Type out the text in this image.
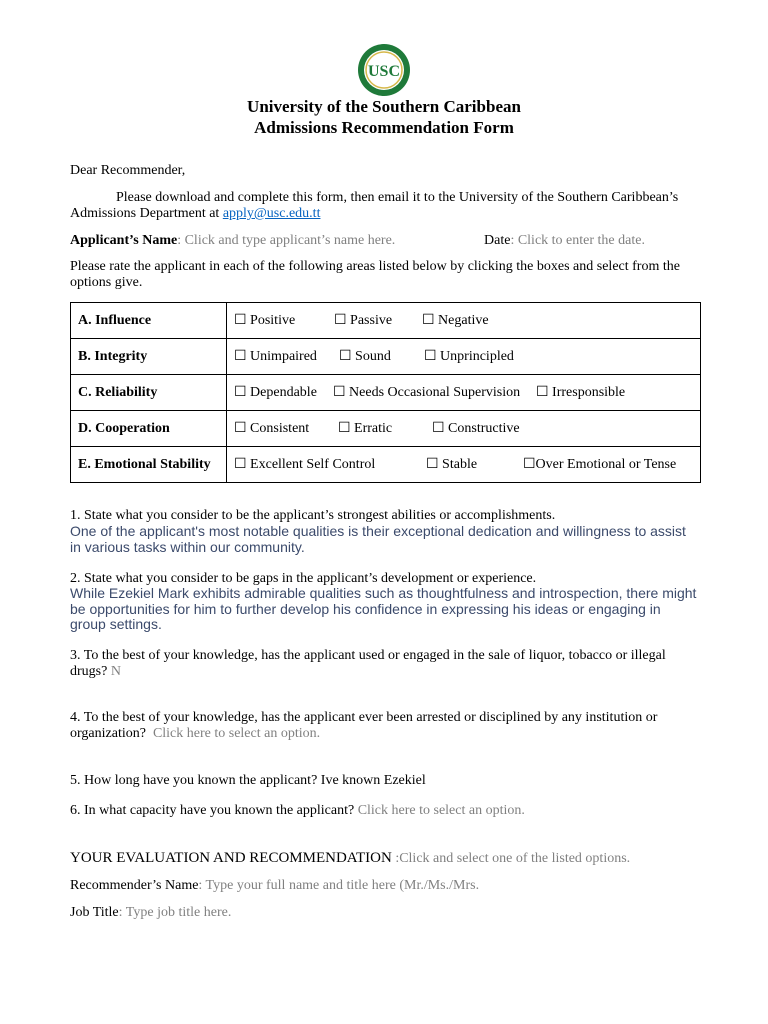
USC
University of the Southern Caribbean
Admissions Recommendation Form
Dear Recommender,
Please download and complete this form, then email it to the University of the Southern Caribbean’s Admissions Department at apply@usc.edu.tt
Applicant’s Name: Click and type applicant’s name here.	Date: Click to enter the date.
Please rate the applicant in each of the following areas listed below by clicking the boxes and select from the options give.
A. Influence	☐ Positive ☐ Passive ☐ Negative

B. Integrity	☐ Unimpaired ☐ Sound ☐ Unprincipled

C. Reliability	☐ Dependable ☐ Needs Occasional Supervision ☐ Irresponsible

D. Cooperation	☐ Consistent ☐ Erratic ☐ Constructive

E. Emotional Stability	☐ Excellent Self Control ☐ Stable ☐Over Emotional or Tense
1. State what you consider to be the applicant’s strongest abilities or accomplishments.
One of the applicant's most notable qualities is their exceptional dedication and willingness to assist in various tasks within our community.
2. State what you consider to be gaps in the applicant’s development or experience.
While Ezekiel Mark exhibits admirable qualities such as thoughtfulness and introspection, there might be opportunities for him to further develop his confidence in expressing his ideas or engaging in group settings.
3. To the best of your knowledge, has the applicant used or engaged in the sale of liquor, tobacco or illegal drugs? N
4. To the best of your knowledge, has the applicant ever been arrested or disciplined by any institution or organization? Click here to select an option.
5. How long have you known the applicant? Ive known Ezekiel
6. In what capacity have you known the applicant? Click here to select an option.
YOUR EVALUATION AND RECOMMENDATION :Click and select one of the listed options.
Recommender’s Name: Type your full name and title here (Mr./Ms./Mrs.
Job Title: Type job title here.
